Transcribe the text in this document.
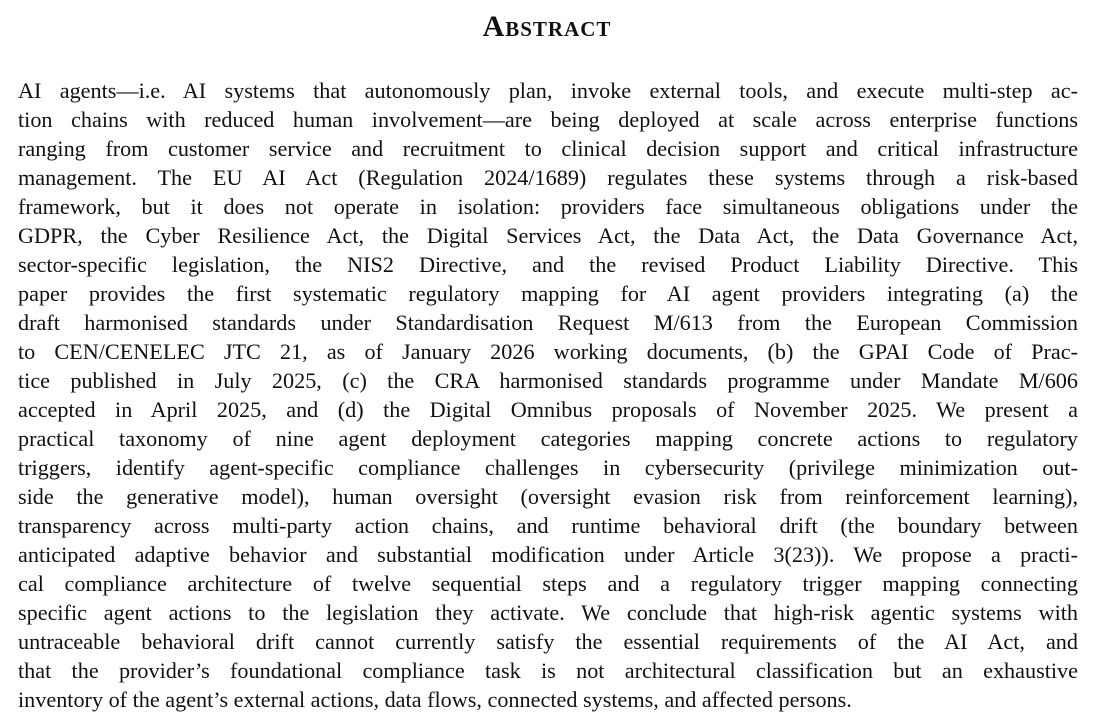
Abstract
AI agents—i.e. AI systems that autonomously plan, invoke external tools, and execute multi-step ac-
tion chains with reduced human involvement—are being deployed at scale across enterprise functions
ranging from customer service and recruitment to clinical decision support and critical infrastructure
management. The EU AI Act (Regulation 2024/1689) regulates these systems through a risk-based
framework, but it does not operate in isolation: providers face simultaneous obligations under the
GDPR, the Cyber Resilience Act, the Digital Services Act, the Data Act, the Data Governance Act,
sector-specific legislation, the NIS2 Directive, and the revised Product Liability Directive. This
paper provides the first systematic regulatory mapping for AI agent providers integrating (a) the
draft harmonised standards under Standardisation Request M/613 from the European Commission
to CEN/CENELEC JTC 21, as of January 2026 working documents, (b) the GPAI Code of Prac-
tice published in July 2025, (c) the CRA harmonised standards programme under Mandate M/606
accepted in April 2025, and (d) the Digital Omnibus proposals of November 2025. We present a
practical taxonomy of nine agent deployment categories mapping concrete actions to regulatory
triggers, identify agent-specific compliance challenges in cybersecurity (privilege minimization out-
side the generative model), human oversight (oversight evasion risk from reinforcement learning),
transparency across multi-party action chains, and runtime behavioral drift (the boundary between
anticipated adaptive behavior and substantial modification under Article 3(23)). We propose a practi-
cal compliance architecture of twelve sequential steps and a regulatory trigger mapping connecting
specific agent actions to the legislation they activate. We conclude that high-risk agentic systems with
untraceable behavioral drift cannot currently satisfy the essential requirements of the AI Act, and
that the provider’s foundational compliance task is not architectural classification but an exhaustive
inventory of the agent’s external actions, data flows, connected systems, and affected persons.
